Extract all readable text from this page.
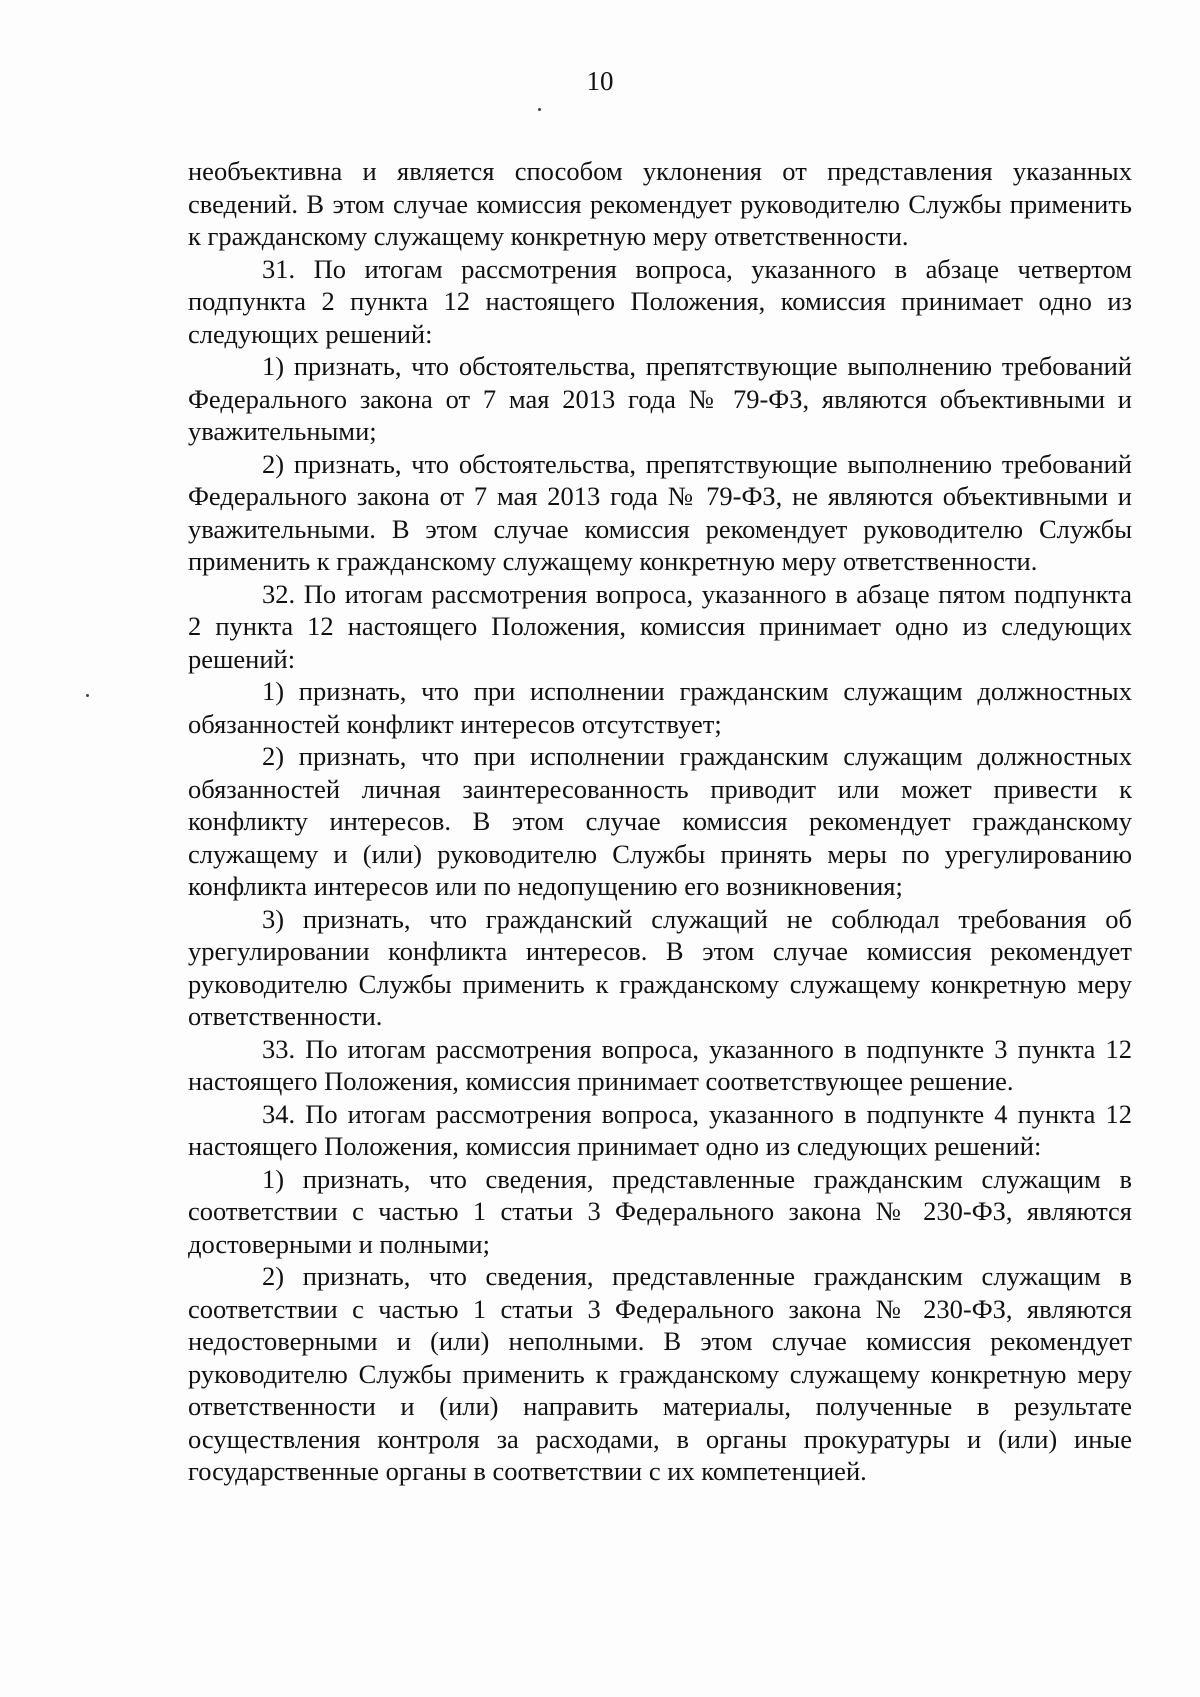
10

необъективна и является способом уклонения от представления указанных сведений. В этом случае комиссия рекомендует руководителю Службы применить к гражданскому служащему конкретную меру ответственности.

31. По итогам рассмотрения вопроса, указанного в абзаце четвертом подпункта 2 пункта 12 настоящего Положения, комиссия принимает одно из следующих решений:

1) признать, что обстоятельства, препятствующие выполнению требований Федерального закона от 7 мая 2013 года № 79-ФЗ, являются объективными и уважительными;

2) признать, что обстоятельства, препятствующие выполнению требований Федерального закона от 7 мая 2013 года № 79-ФЗ, не являются объективными и уважительными. В этом случае комиссия рекомендует руководителю Службы применить к гражданскому служащему конкретную меру ответственности.

32. По итогам рассмотрения вопроса, указанного в абзаце пятом подпункта 2 пункта 12 настоящего Положения, комиссия принимает одно из следующих решений:

1) признать, что при исполнении гражданским служащим должностных обязанностей конфликт интересов отсутствует;

2) признать, что при исполнении гражданским служащим должностных обязанностей личная заинтересованность приводит или может привести к конфликту интересов. В этом случае комиссия рекомендует гражданскому служащему и (или) руководителю Службы принять меры по урегулированию конфликта интересов или по недопущению его возникновения;

3) признать, что гражданский служащий не соблюдал требования об урегулировании конфликта интересов. В этом случае комиссия рекомендует руководителю Службы применить к гражданскому служащему конкретную меру ответственности.

33. По итогам рассмотрения вопроса, указанного в подпункте 3 пункта 12 настоящего Положения, комиссия принимает соответствующее решение.

34. По итогам рассмотрения вопроса, указанного в подпункте 4 пункта 12 настоящего Положения, комиссия принимает одно из следующих решений:

1) признать, что сведения, представленные гражданским служащим в соответствии с частью 1 статьи 3 Федерального закона № 230-ФЗ, являются достоверными и полными;

2) признать, что сведения, представленные гражданским служащим в соответствии с частью 1 статьи 3 Федерального закона № 230-ФЗ, являются недостоверными и (или) неполными. В этом случае комиссия рекомендует руководителю Службы применить к гражданскому служащему конкретную меру ответственности и (или) направить материалы, полученные в результате осуществления контроля за расходами, в органы прокуратуры и (или) иные государственные органы в соответствии с их компетенцией.
